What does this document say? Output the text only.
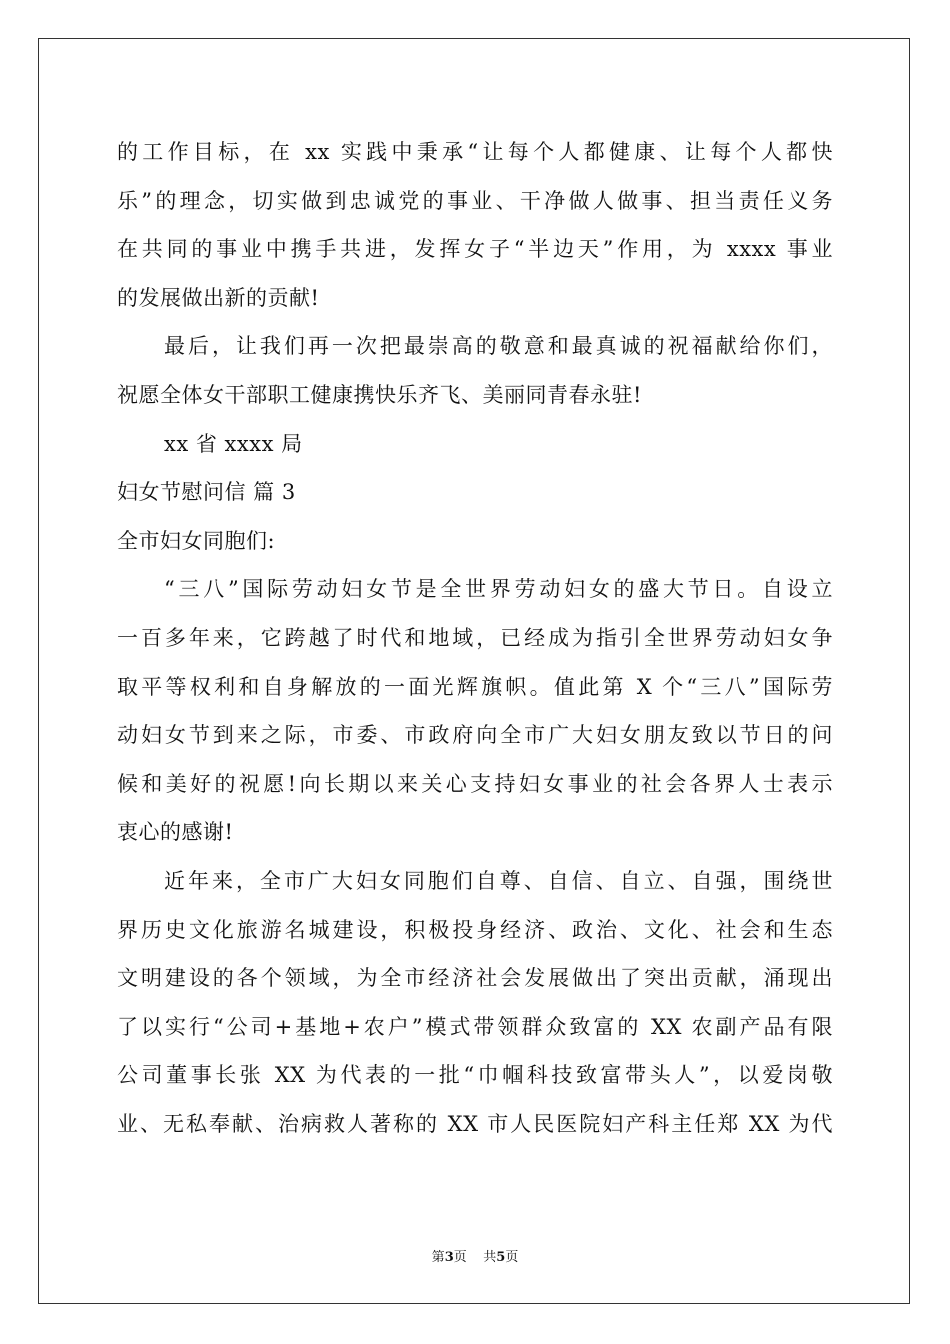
的工作目标，在 xx 实践中秉承“让每个人都健康、让每个人都快
乐”的理念，切实做到忠诚党的事业、干净做人做事、担当责任义务
在共同的事业中携手共进，发挥女子“半边天”作用，为 xxxx 事业
的发展做出新的贡献!
最后，让我们再一次把最崇高的敬意和最真诚的祝福献给你们，
祝愿全体女干部职工健康携快乐齐飞、美丽同青春永驻!
xx 省 xxxx 局
妇女节慰问信 篇 3
全市妇女同胞们:
“三八”国际劳动妇女节是全世界劳动妇女的盛大节日。自设立
一百多年来，它跨越了时代和地域，已经成为指引全世界劳动妇女争
取平等权利和自身解放的一面光辉旗帜。值此第 X 个“三八”国际劳
动妇女节到来之际，市委、市政府向全市广大妇女朋友致以节日的问
候和美好的祝愿!向长期以来关心支持妇女事业的社会各界人士表示
衷心的感谢!
近年来，全市广大妇女同胞们自尊、自信、自立、自强，围绕世
界历史文化旅游名城建设，积极投身经济、政治、文化、社会和生态
文明建设的各个领域，为全市经济社会发展做出了突出贡献，涌现出
了以实行“公司+基地+农户”模式带领群众致富的 XX 农副产品有限
公司董事长张 XX 为代表的一批“巾帼科技致富带头人”，以爱岗敬
业、无私奉献、治病救人著称的 XX 市人民医院妇产科主任郑 XX 为代
第3页    共5页
